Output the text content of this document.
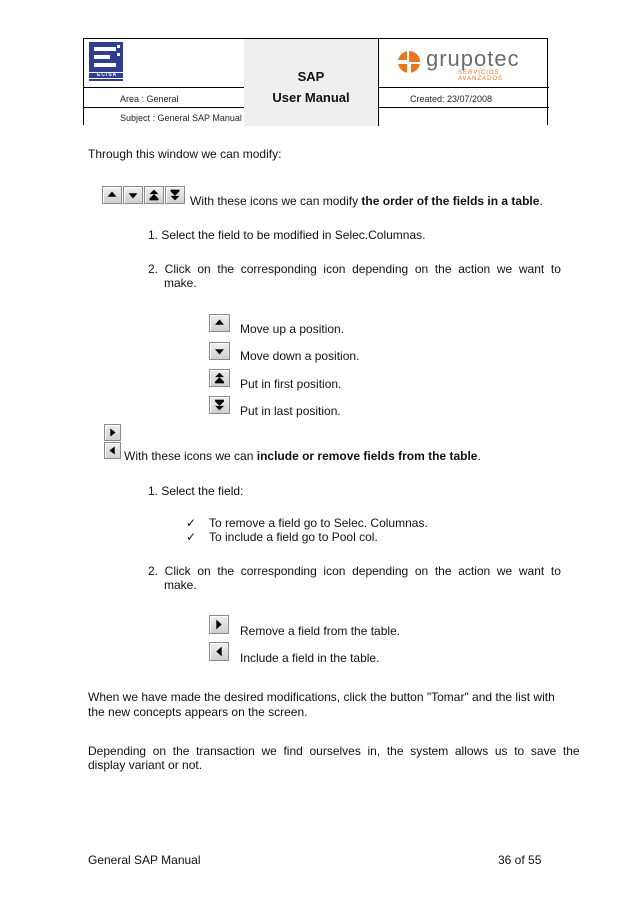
ECISA
Area : General
Subject : General SAP Manual
SAP
User Manual
grupotec
SERVICIOS AVANZADOS
Created: 23/07/2008
Through this window we can modify:
With these icons we can modify the order of the fields in a table.
1. Select the field to be modified in Selec.Columnas.
2.  Click  on  the  corresponding  icon  depending  on  the  action  we  want  to
make.
Move up a position.
Move down a position.
Put in first position.
Put in last position.
With these icons we can include or remove fields from the table.
1. Select the field:
✓ To remove a field go to Selec. Columnas.
✓ To include a field go to Pool col.
2.  Click  on  the  corresponding  icon  depending  on  the  action  we  want  to
make.
Remove a field from the table.
Include a field in the table.
When we have made the desired modifications, click the button "Tomar" and the list with
the new concepts appears on the screen.
Depending  on  the  transaction  we  find  ourselves  in,  the  system  allows  us  to  save  the
display variant or not.
General SAP Manual	36 of 55
